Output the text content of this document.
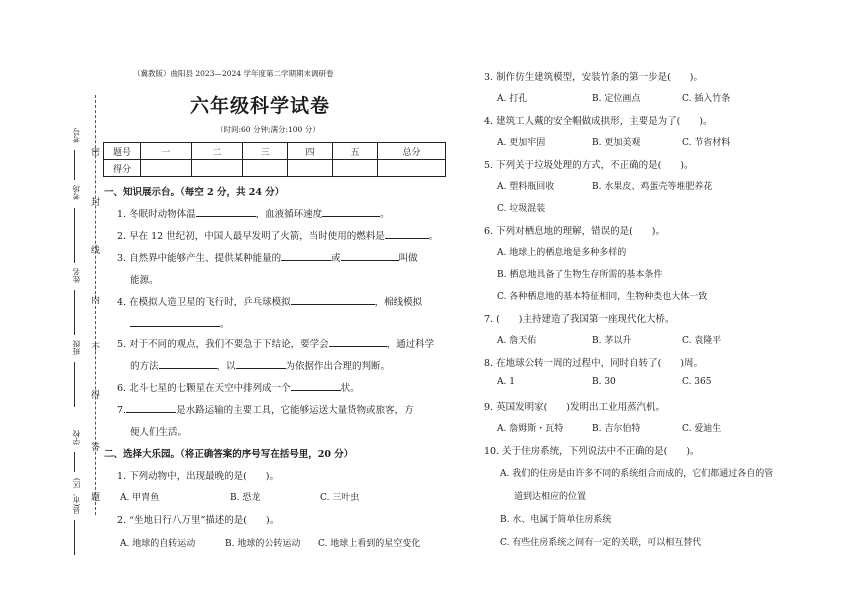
考号
考场
姓名
班级
学校
县(市、区)
密
封
线
内
不
得
答
题
（冀教版）曲阳县 2023—2024 学年度第二学期期末调研卷
六年级科学试卷
（时间:60 分钟;满分:100 分）
题号	一	二	三	四	五	总分
得分						
一、知识展示台。（每空 2 分，共 24 分）
1. 冬眠时动物体温	，血液循环速度	。
2. 早在 12 世纪初，中国人最早发明了火箭，当时使用的燃料是	。
3. 自然界中能够产生、提供某种能量的	或	叫做
能源。
4. 在模拟人造卫星的飞行时，乒乓球模拟	，棉线模拟
。
5. 对于不同的观点，我们不要急于下结论，要学会	，通过科学
的方法	，以	为依据作出合理的判断。
6. 北斗七星的七颗星在天空中排列成一个	状。
7.	是水路运输的主要工具，它能够运送大量货物或旅客，方
便人们生活。
二、选择大乐园。（将正确答案的序号写在括号里，20 分）
1. 下列动物中，出现最晚的是(　　)。
A. 甲胄鱼	B. 恐龙	C. 三叶虫
2. “坐地日行八万里”描述的是(　　)。
A. 地球的自转运动	B. 地球的公转运动 C. 地球上看到的星空变化
3. 制作仿生建筑模型，安装竹条的第一步是(　　)。
A. 打孔	B. 定位画点	C. 插入竹条
4. 建筑工人戴的安全帽做成拱形，主要是为了(　　)。
A. 更加牢固	B. 更加美观	C. 节省材料
5. 下列关于垃圾处理的方式，不正确的是(　　)。
A. 塑料瓶回收	B. 水果皮、鸡蛋壳等堆肥养花
C. 垃圾混装
6. 下列对栖息地的理解，错误的是(　　)。
A. 地球上的栖息地是多种多样的
B. 栖息地具备了生物生存所需的基本条件
C. 各种栖息地的基本特征相同，生物种类也大体一致
7. (　　)主持建造了我国第一座现代化大桥。
A. 詹天佑	B. 茅以升	C. 袁隆平
8. 在地球公转一周的过程中，同时自转了(　　)周。
A. 1	B. 30	C. 365
9. 英国发明家(　　)发明出工业用蒸汽机。
A. 詹姆斯・瓦特	B. 吉尔伯特	C. 爱迪生
10. 关于住房系统，下列说法中不正确的是(　　)。
A. 我们的住房是由许多不同的系统组合而成的，它们都通过各自的管
道到达相应的位置
B. 水、电属于简单住房系统
C. 有些住房系统之间有一定的关联，可以相互替代
